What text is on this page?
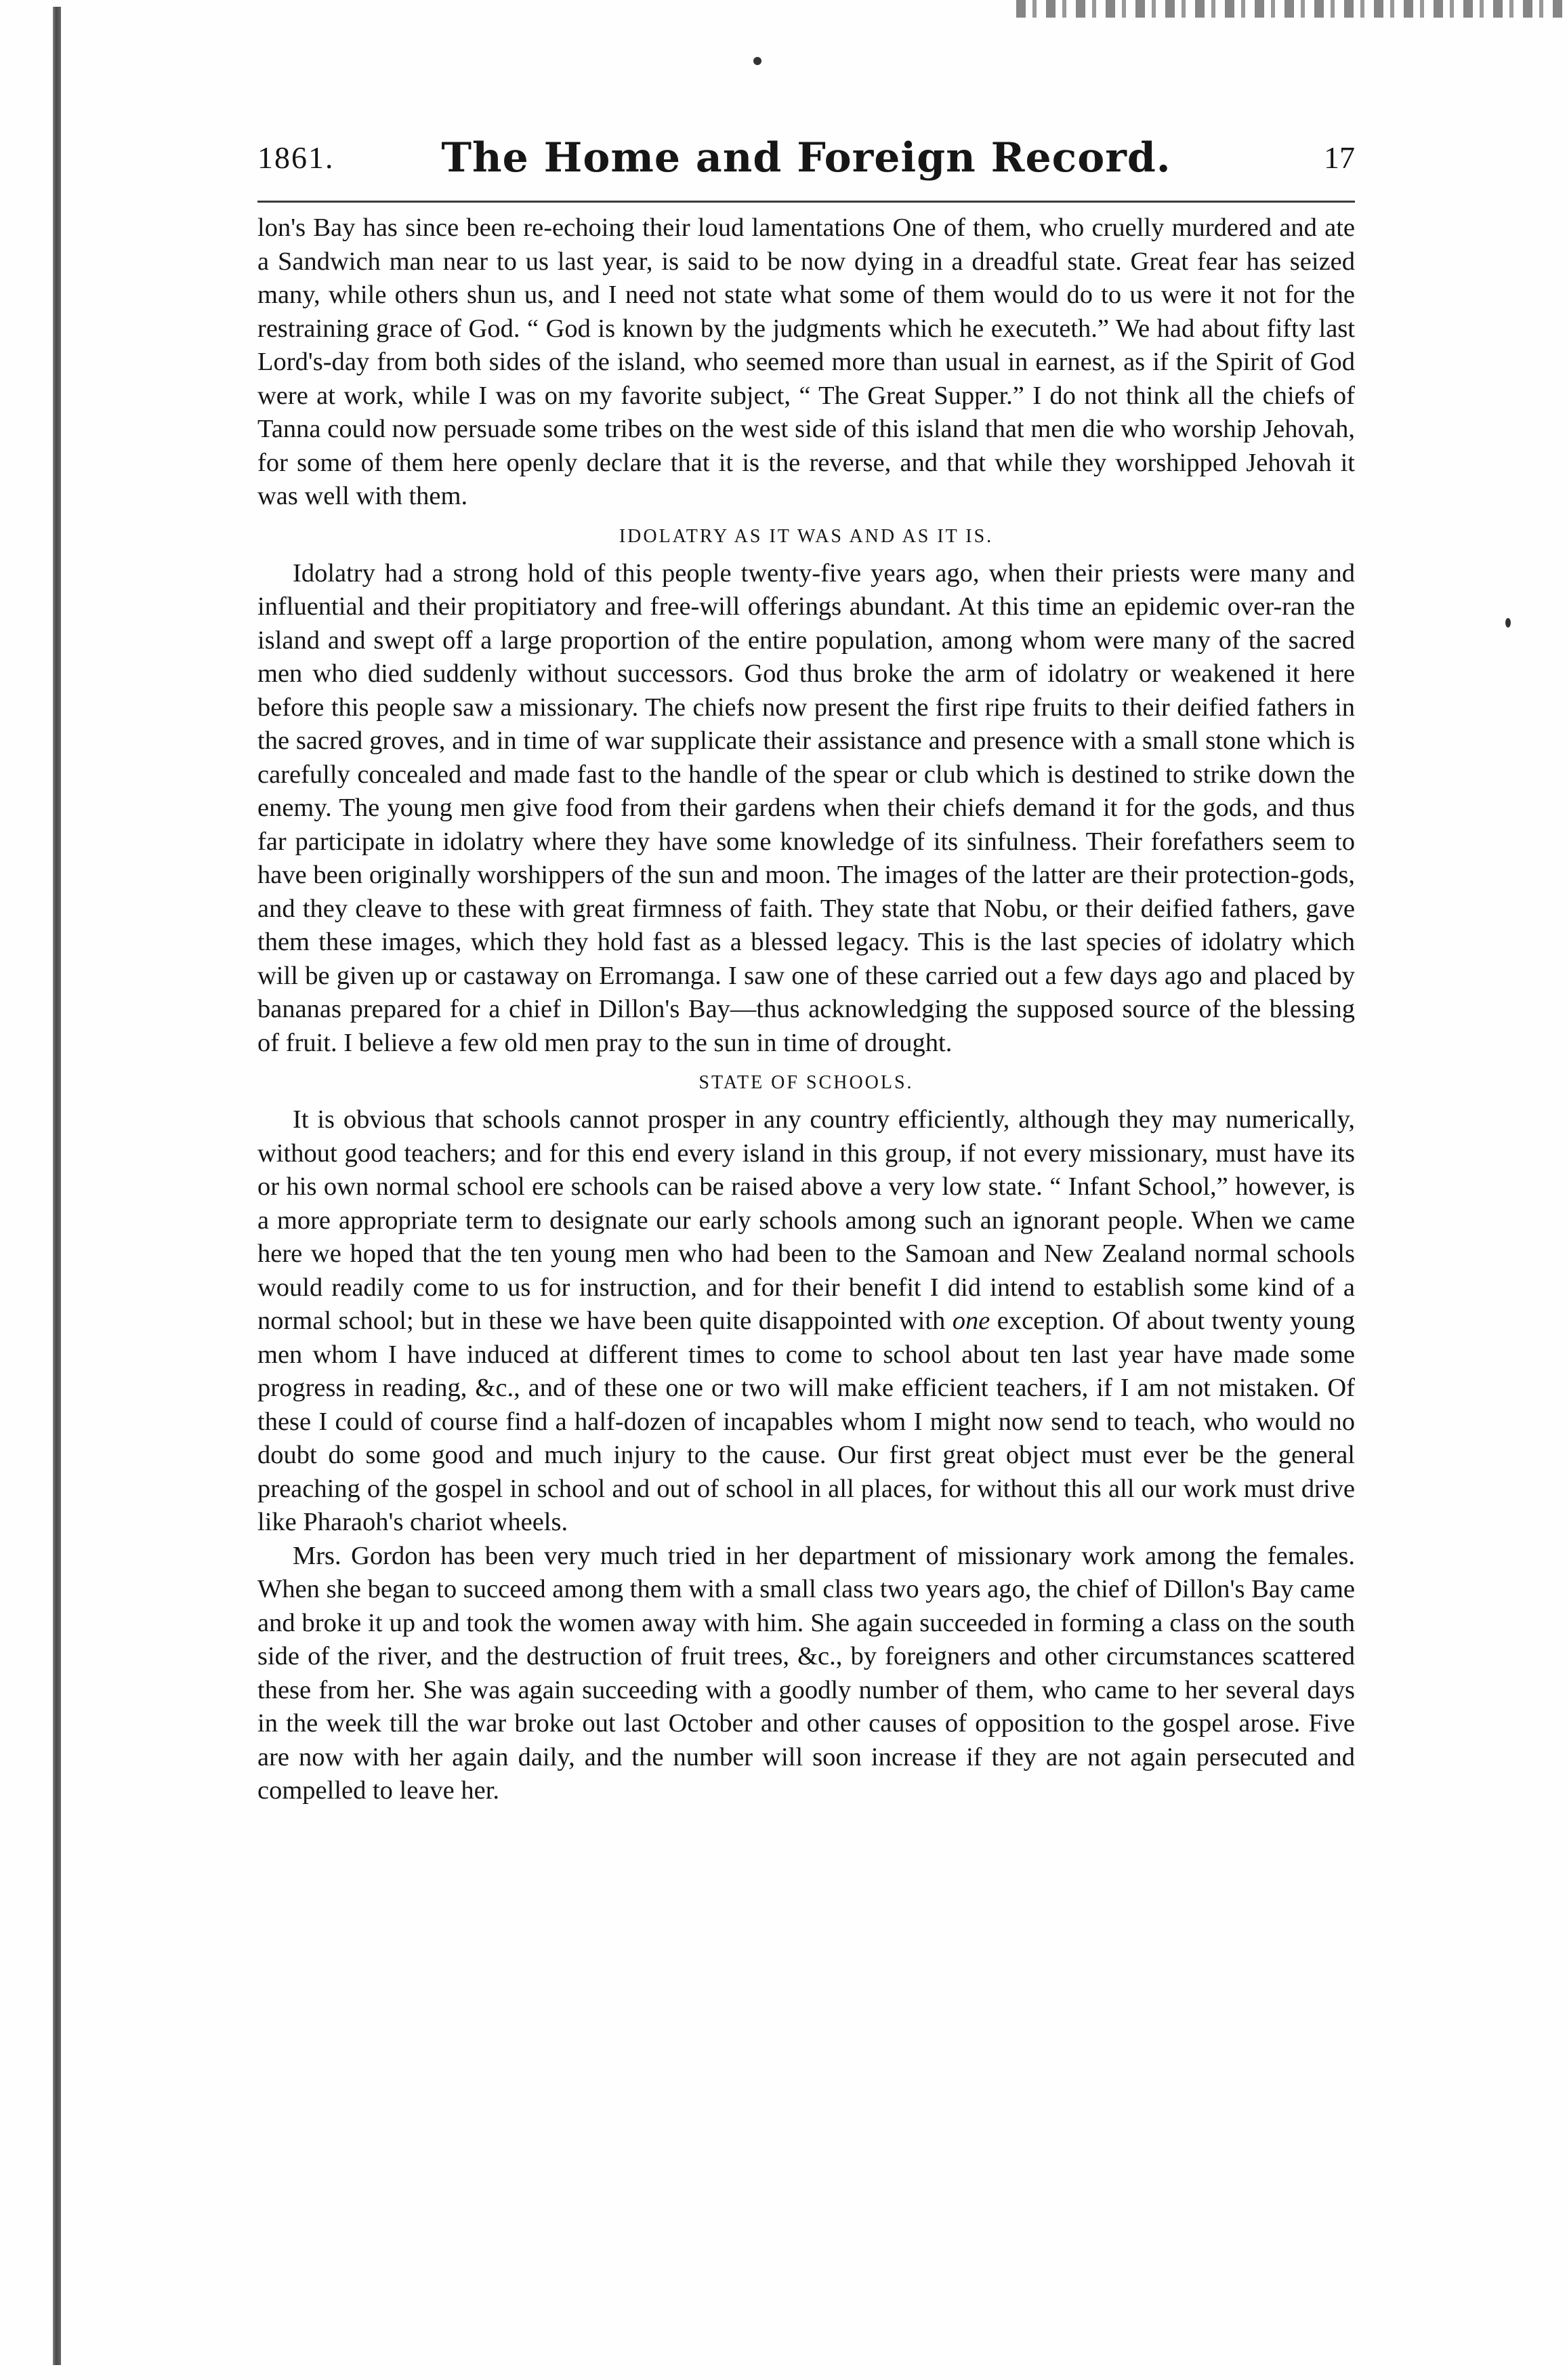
1861.	The Home and Foreign Record.	17

lon's Bay has since been re-echoing their loud lamentations One of them, who cruelly murdered and ate a Sandwich man near to us last year, is said to be now dying in a dreadful state. Great fear has seized many, while others shun us, and I need not state what some of them would do to us were it not for the restraining grace of God. “ God is known by the judgments which he executeth.” We had about fifty last Lord's-day from both sides of the island, who seemed more than usual in earnest, as if the Spirit of God were at work, while I was on my favorite subject, “ The Great Supper.” I do not think all the chiefs of Tanna could now persuade some tribes on the west side of this island that men die who worship Jehovah, for some of them here openly declare that it is the reverse, and that while they worshipped Jehovah it was well with them.

IDOLATRY AS IT WAS AND AS IT IS.

Idolatry had a strong hold of this people twenty-five years ago, when their priests were many and influential and their propitiatory and free-will offerings abundant. At this time an epidemic over-ran the island and swept off a large proportion of the entire population, among whom were many of the sacred men who died suddenly without successors. God thus broke the arm of idolatry or weakened it here before this people saw a missionary. The chiefs now present the first ripe fruits to their deified fathers in the sacred groves, and in time of war supplicate their assistance and presence with a small stone which is carefully concealed and made fast to the handle of the spear or club which is destined to strike down the enemy. The young men give food from their gardens when their chiefs demand it for the gods, and thus far participate in idolatry where they have some knowledge of its sinfulness. Their forefathers seem to have been originally worshippers of the sun and moon. The images of the latter are their protection-gods, and they cleave to these with great firmness of faith. They state that Nobu, or their deified fathers, gave them these images, which they hold fast as a blessed legacy. This is the last species of idolatry which will be given up or castaway on Erromanga. I saw one of these carried out a few days ago and placed by bananas prepared for a chief in Dillon's Bay—thus acknowledging the supposed source of the blessing of fruit. I believe a few old men pray to the sun in time of drought.

STATE OF SCHOOLS.

It is obvious that schools cannot prosper in any country efficiently, although they may numerically, without good teachers; and for this end every island in this group, if not every missionary, must have its or his own normal school ere schools can be raised above a very low state. “ Infant School,” however, is a more appropriate term to designate our early schools among such an ignorant people. When we came here we hoped that the ten young men who had been to the Samoan and New Zealand normal schools would readily come to us for instruction, and for their benefit I did intend to establish some kind of a normal school; but in these we have been quite disappointed with one exception. Of about twenty young men whom I have induced at different times to come to school about ten last year have made some progress in reading, &c., and of these one or two will make efficient teachers, if I am not mistaken. Of these I could of course find a half-dozen of incapables whom I might now send to teach, who would no doubt do some good and much injury to the cause. Our first great object must ever be the general preaching of the gospel in school and out of school in all places, for without this all our work must drive like Pharaoh's chariot wheels.

Mrs. Gordon has been very much tried in her department of missionary work among the females. When she began to succeed among them with a small class two years ago, the chief of Dillon's Bay came and broke it up and took the women away with him. She again succeeded in forming a class on the south side of the river, and the destruction of fruit trees, &c., by foreigners and other circumstances scattered these from her. She was again succeeding with a goodly number of them, who came to her several days in the week till the war broke out last October and other causes of opposition to the gospel arose. Five are now with her again daily, and the number will soon increase if they are not again persecuted and compelled to leave her.
